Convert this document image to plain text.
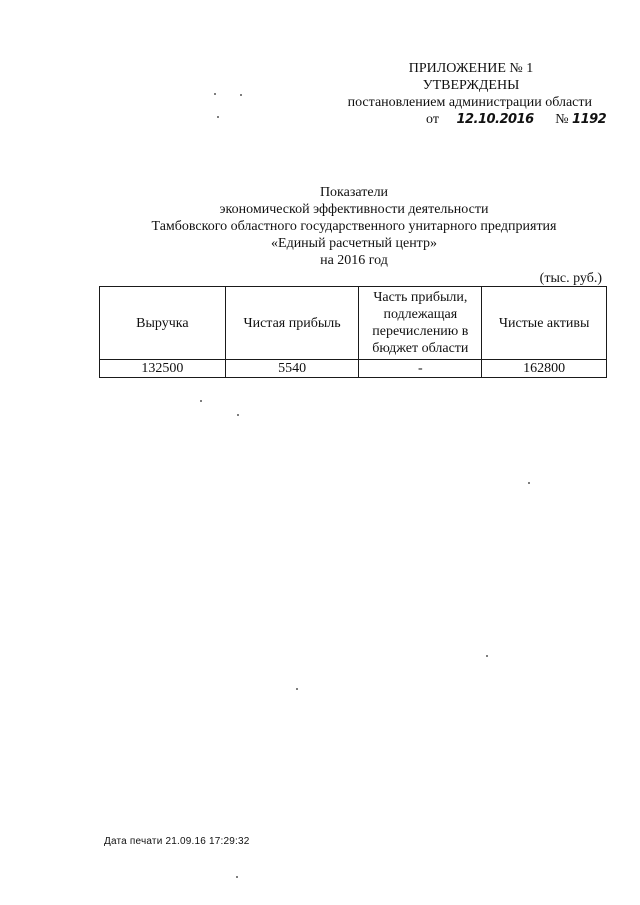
ПРИЛОЖЕНИЕ № 1
УТВЕРЖДЕНЫ
постановлением администрации области
от 12.10.2016 № 1192
Показатели
экономической эффективности деятельности
Тамбовского областного государственного унитарного предприятия
«Единый расчетный центр»
на 2016 год
(тыс. руб.)
Выручка	Чистая прибыль	Часть прибыли, подлежащая перечислению в бюджет области	Чистые активы
132500	5540	-	162800
Дата печати 21.09.16 17:29:32
